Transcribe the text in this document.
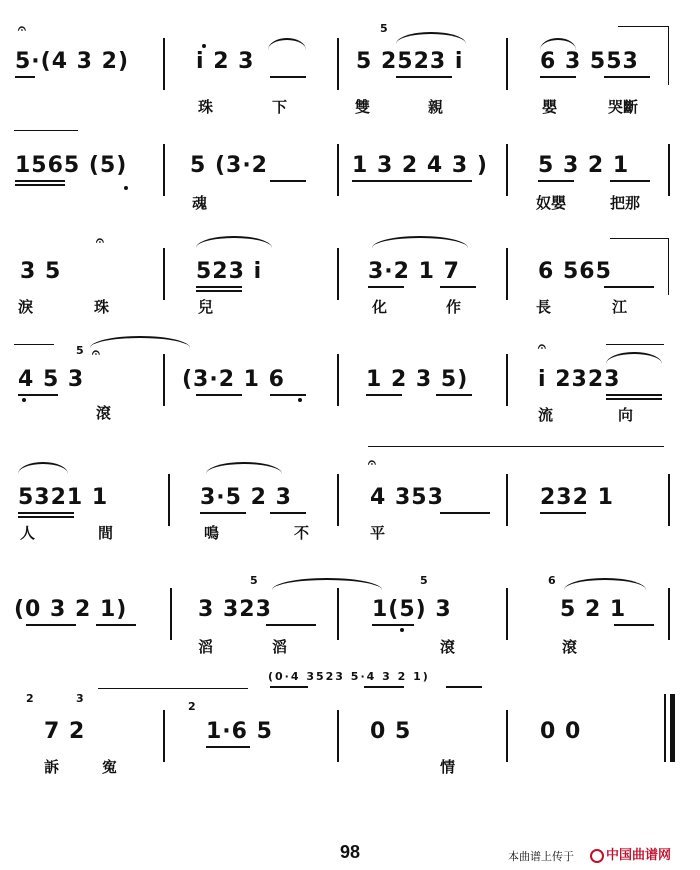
𝄐
5·(4 3 2)	i 2 3
珠	下
5
5 2523 i
雙	親
6 3 553
嬰	哭斷
1565 (5)	5 (3·2
魂
1 3 2 4 3 ) 5 3 2 1
奴嬰	把那
𝄐
3 5
淚	珠
523 i
兒
3·2 1 7
化	作
6 565
長	江
5 𝄐
4 5 3
滾
(3·2 1 6	1 2 3 5)
𝄐
i 2323
流	向
5321 1
人	間
3·5 2 3
鳴	不
𝄐
4 353
平
232 1
(0 3 2 1)
5
3 323
滔	滔
5
1(5) 3
滾
6
5 2 1
滾
(0·4 3523 5·4 3 2 1)
2	3
7 2
訴	寃
2
1·6 5	0 5
情
0 0
98	本曲谱上传于	中国曲谱网
